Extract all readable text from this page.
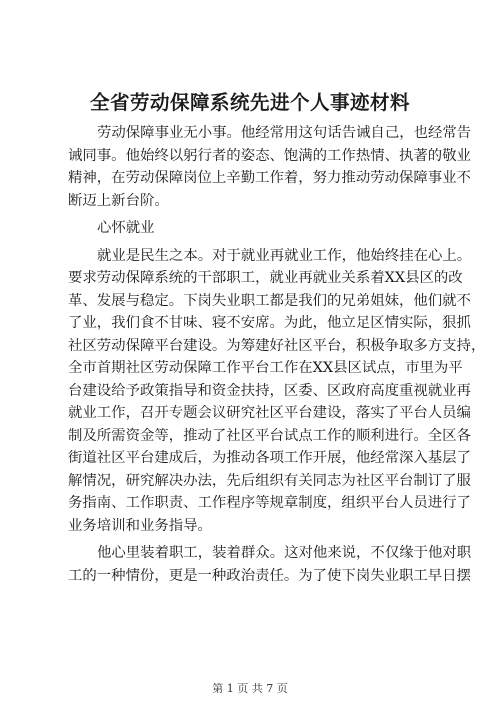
全省劳动保障系统先进个人事迹材料
劳动保障事业无小事。他经常用这句话告诫自己，也经常告
诫同事。他始终以躬行者的姿态、饱满的工作热情、执著的敬业
精神，在劳动保障岗位上辛勤工作着，努力推动劳动保障事业不
断迈上新台阶。
心怀就业
就业是民生之本。对于就业再就业工作，他始终挂在心上。
要求劳动保障系统的干部职工，就业再就业关系着XX县区的改
革、发展与稳定。下岗失业职工都是我们的兄弟姐妹，他们就不
了业，我们食不甘味、寝不安席。为此，他立足区情实际，狠抓
社区劳动保障平台建设。为筹建好社区平台，积极争取多方支持，
全市首期社区劳动保障工作平台工作在XX县区试点，市里为平
台建设给予政策指导和资金扶持，区委、区政府高度重视就业再
就业工作，召开专题会议研究社区平台建设，落实了平台人员编
制及所需资金等，推动了社区平台试点工作的顺利进行。全区各
街道社区平台建成后，为推动各项工作开展，他经常深入基层了
解情况，研究解决办法，先后组织有关同志为社区平台制订了服
务指南、工作职责、工作程序等规章制度，组织平台人员进行了
业务培训和业务指导。
他心里装着职工，装着群众。这对他来说，不仅缘于他对职
工的一种情份，更是一种政治责任。为了使下岗失业职工早日摆
第 1 页 共 7 页
